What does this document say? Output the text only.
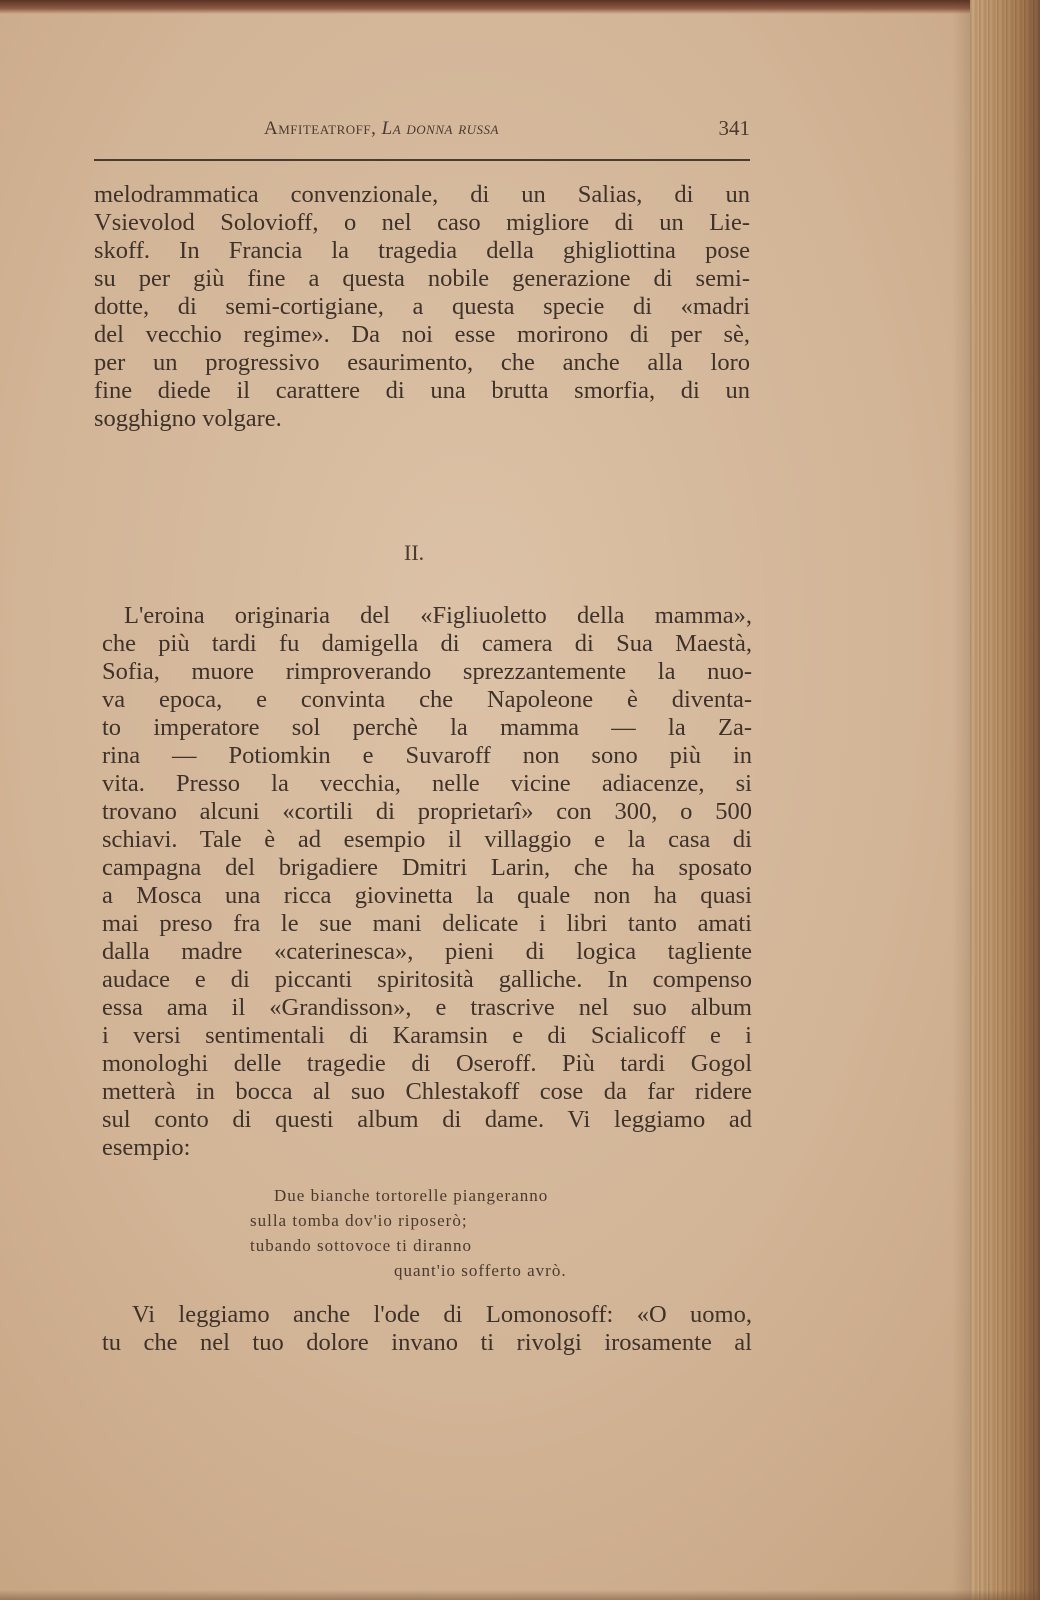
Amfiteatroff, La donna russa	341
melodrammatica convenzionale, di un Salias, di un
Vsievolod Solovioff, o nel caso migliore di un Lie-
skoff. In Francia la tragedia della ghigliottina pose
su per giù fine a questa nobile generazione di semi-
dotte, di semi-cortigiane, a questa specie di «madri
del vecchio regime». Da noi esse morirono di per sè,
per un progressivo esaurimento, che anche alla loro
fine diede il carattere di una brutta smorfia, di un
sogghigno volgare.
II.
L'eroina originaria del «Figliuoletto della mamma»,
che più tardi fu damigella di camera di Sua Maestà,
Sofia, muore rimproverando sprezzantemente la nuo-
va epoca, e convinta che Napoleone è diventa-
to imperatore sol perchè la mamma — la Za-
rina — Potiomkin e Suvaroff non sono più in
vita. Presso la vecchia, nelle vicine adiacenze, si
trovano alcuni «cortili di proprietarî» con 300, o 500
schiavi. Tale è ad esempio il villaggio e la casa di
campagna del brigadiere Dmitri Larin, che ha sposato
a Mosca una ricca giovinetta la quale non ha quasi
mai preso fra le sue mani delicate i libri tanto amati
dalla madre «caterinesca», pieni di logica tagliente
audace e di piccanti spiritosità galliche. In compenso
essa ama il «Grandisson», e trascrive nel suo album
i versi sentimentali di Karamsin e di Scialicoff e i
monologhi delle tragedie di Oseroff. Più tardi Gogol
metterà in bocca al suo Chlestakoff cose da far ridere
sul conto di questi album di dame. Vi leggiamo ad
esempio:
Due bianche tortorelle piangeranno
sulla tomba dov'io riposerò;
tubando sottovoce ti diranno
quant'io sofferto avrò.
Vi leggiamo anche l'ode di Lomonosoff: «O uomo,
tu che nel tuo dolore invano ti rivolgi irosamente al
